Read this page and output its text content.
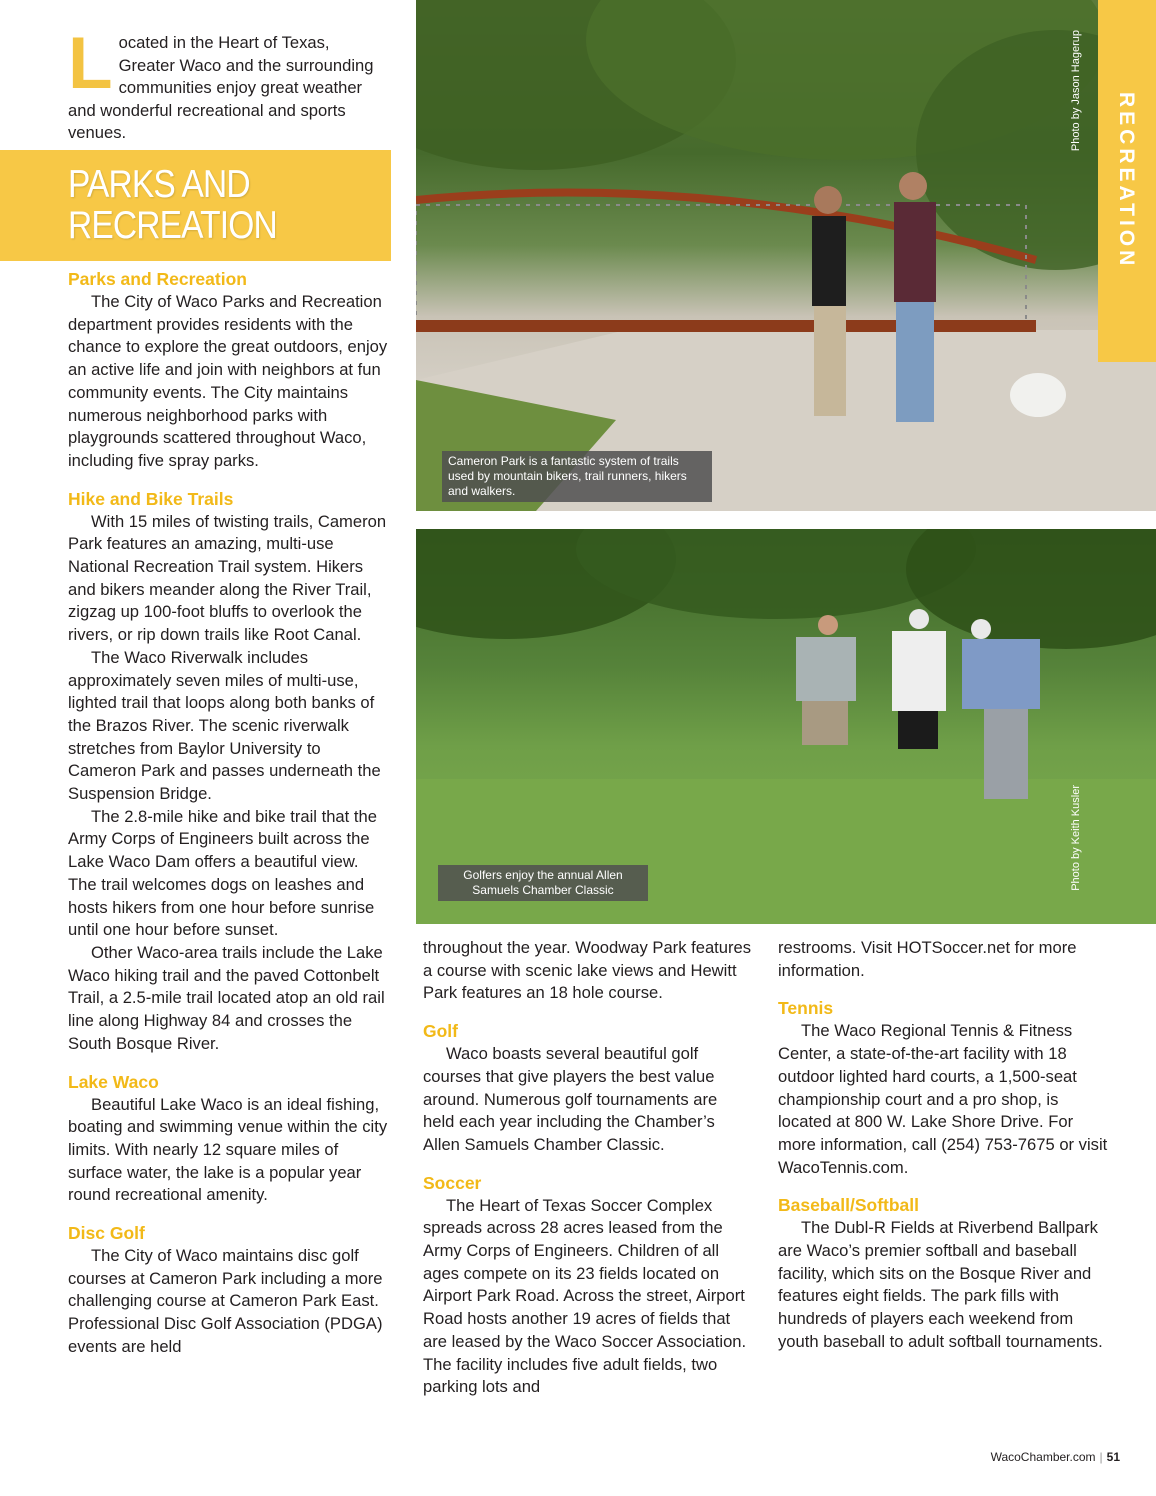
L ocated in the Heart of Texas, Greater Waco and the surrounding communities enjoy great weather and wonderful recreational and sports venues.
PARKS AND
RECREATION
Parks and Recreation

The City of Waco Parks and Recreation department provides residents with the chance to explore the great outdoors, enjoy an active life and join with neighbors at fun community events. The City maintains numerous neighborhood parks with playgrounds scattered throughout Waco, including five spray parks.

Hike and Bike Trails

With 15 miles of twisting trails, Cameron Park features an amazing, multi-use National Recreation Trail system. Hikers and bikers meander along the River Trail, zigzag up 100-foot bluffs to overlook the rivers, or rip down trails like Root Canal.

The Waco Riverwalk includes approximately seven miles of multi-use, lighted trail that loops along both banks of the Brazos River. The scenic riverwalk stretches from Baylor University to Cameron Park and passes underneath the Suspension Bridge.

The 2.8-mile hike and bike trail that the Army Corps of Engineers built across the Lake Waco Dam offers a beautiful view. The trail welcomes dogs on leashes and hosts hikers from one hour before sunrise until one hour before sunset.

Other Waco-area trails include the Lake Waco hiking trail and the paved Cottonbelt Trail, a 2.5-mile trail located atop an old rail line along Highway 84 and crosses the South Bosque River.

Lake Waco

Beautiful Lake Waco is an ideal fishing, boating and swimming venue within the city limits. With nearly 12 square miles of surface water, the lake is a popular year round recreational amenity.

Disc Golf

The City of Waco maintains disc golf courses at Cameron Park including a more challenging course at Cameron Park East. Professional Disc Golf Association (PDGA) events are held

Cameron Park is a fantastic system of trails used by mountain bikers, trail runners, hikers and walkers.
Photo by Jason Hagerup
RECREATION
Golfers enjoy the annual Allen Samuels Chamber Classic	Photo by Keith Kusler

throughout the year. Woodway Park features a course with scenic lake views and Hewitt Park features an 18 hole course.

Golf

Waco boasts several beautiful golf courses that give players the best value around. Numerous golf tournaments are held each year including the Chamber’s Allen Samuels Chamber Classic.

Soccer

The Heart of Texas Soccer Complex spreads across 28 acres leased from the Army Corps of Engineers. Children of all ages compete on its 23 fields located on Airport Park Road. Across the street, Airport Road hosts another 19 acres of fields that are leased by the Waco Soccer Association. The facility includes five adult fields, two parking lots and

restrooms. Visit HOTSoccer.net for more information.

Tennis

The Waco Regional Tennis & Fitness Center, a state-of-the-art facility with 18 outdoor lighted hard courts, a 1,500-seat championship court and a pro shop, is located at 800 W. Lake Shore Drive. For more information, call (254) 753-7675 or visit WacoTennis.com.

Baseball/Softball

The Dubl-R Fields at Riverbend Ballpark are Waco’s premier softball and baseball facility, which sits on the Bosque River and features eight fields. The park fills with hundreds of players each weekend from youth baseball to adult softball tournaments.

WacoChamber.com | 51
